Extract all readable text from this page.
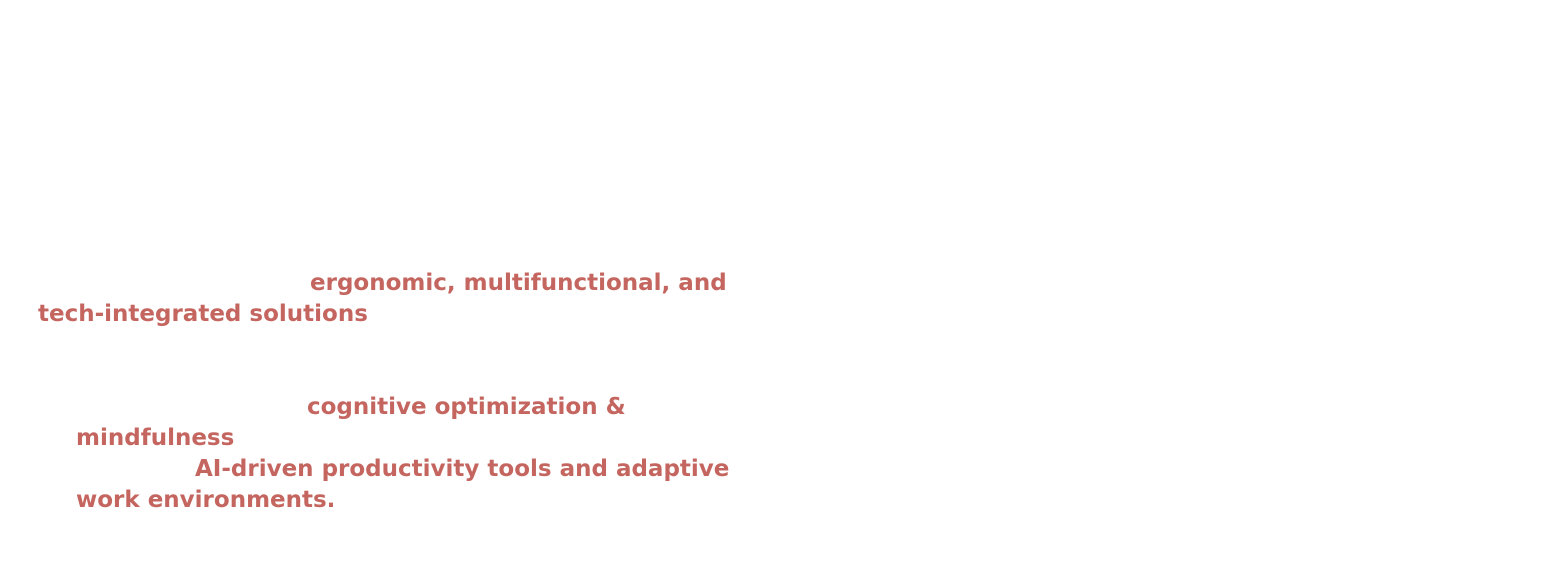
ergonomic, multifunctional, and

tech-integrated solutions

cognitive optimization &

mindfulness

AI-driven productivity tools and adaptive

work environments.
